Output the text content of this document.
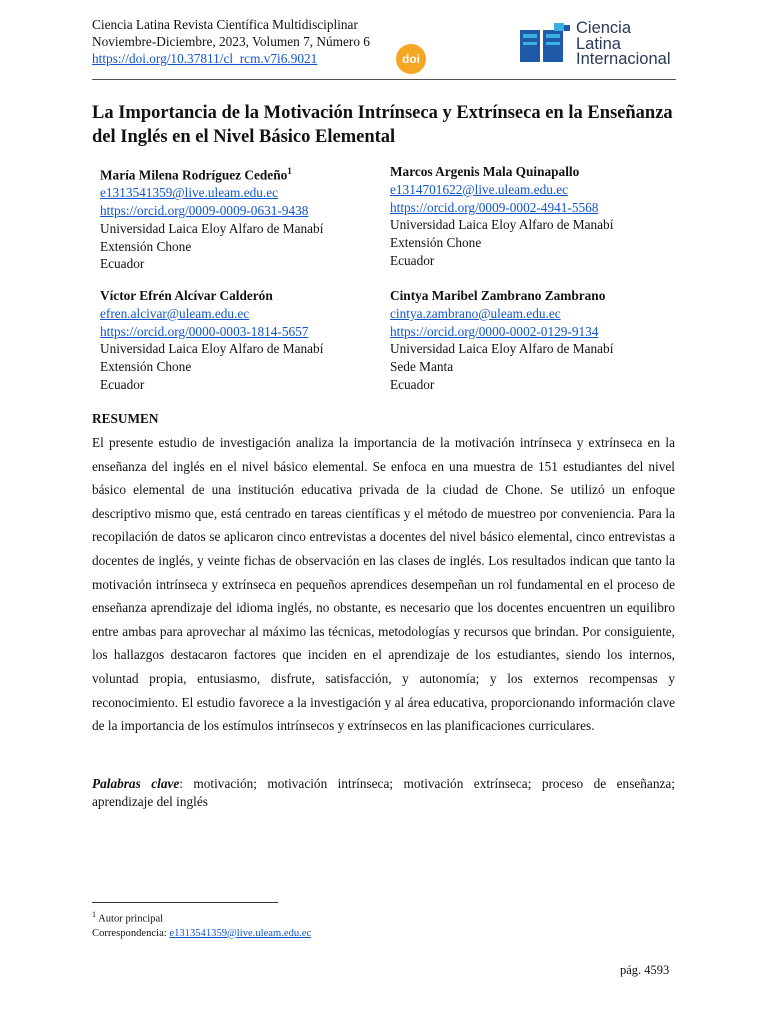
Ciencia Latina Revista Científica Multidisciplinar
Noviembre-Diciembre, 2023, Volumen 7, Número 6
https://doi.org/10.37811/cl_rcm.v7i6.9021	doi
Ciencia
Latina
Internacional
La Importancia de la Motivación Intrínseca y Extrínseca en la Enseñanza del Inglés en el Nivel Básico Elemental
María Milena Rodríguez Cedeño$^1$
e1313541359@live.uleam.edu.ec
https://orcid.org/0009-0009-0631-9438
Universidad Laica Eloy Alfaro de Manabí
Extensión Chone
Ecuador
Marcos Argenis Mala Quinapallo
e1314701622@live.uleam.edu.ec
https://orcid.org/0009-0002-4941-5568
Universidad Laica Eloy Alfaro de Manabí
Extensión Chone
Ecuador
Víctor Efrén Alcívar Calderón
efren.alcivar@uleam.edu.ec
https://orcid.org/0000-0003-1814-5657
Universidad Laica Eloy Alfaro de Manabí
Extensión Chone
Ecuador
Cintya Maribel Zambrano Zambrano
cintya.zambrano@uleam.edu.ec
https://orcid.org/0000-0002-0129-9134
Universidad Laica Eloy Alfaro de Manabí
Sede Manta
Ecuador
RESUMEN
El presente estudio de investigación analiza la importancia de la motivación intrínseca y extrínseca en la enseñanza del inglés en el nivel básico elemental. Se enfoca en una muestra de 151 estudiantes del nivel básico elemental de una institución educativa privada de la ciudad de Chone. Se utilizó un enfoque descriptivo mismo que, está centrado en tareas científicas y el método de muestreo por conveniencia. Para la recopilación de datos se aplicaron cinco entrevistas a docentes del nivel básico elemental, cinco entrevistas a docentes de inglés, y veinte fichas de observación en las clases de inglés. Los resultados indican que tanto la motivación intrínseca y extrínseca en pequeños aprendices desempeñan un rol fundamental en el proceso de enseñanza aprendizaje del idioma inglés, no obstante, es necesario que los docentes encuentren un equilibro entre ambas para aprovechar al máximo las técnicas, metodologías y recursos que brindan. Por consiguiente, los hallazgos destacaron factores que inciden en el aprendizaje de los estudiantes, siendo los internos, voluntad propia, entusiasmo, disfrute, satisfacción, y autonomía; y los externos recompensas y reconocimiento. El estudio favorece a la investigación y al área educativa, proporcionando información clave de la importancia de los estímulos intrínsecos y extrínsecos en las planificaciones curriculares.
Palabras clave: motivación; motivación intrínseca; motivación extrínseca; proceso de enseñanza; aprendizaje del inglés
$^1$ Autor principal
Correspondencia: e1313541359@live.uleam.edu.ec
pág. 4593
